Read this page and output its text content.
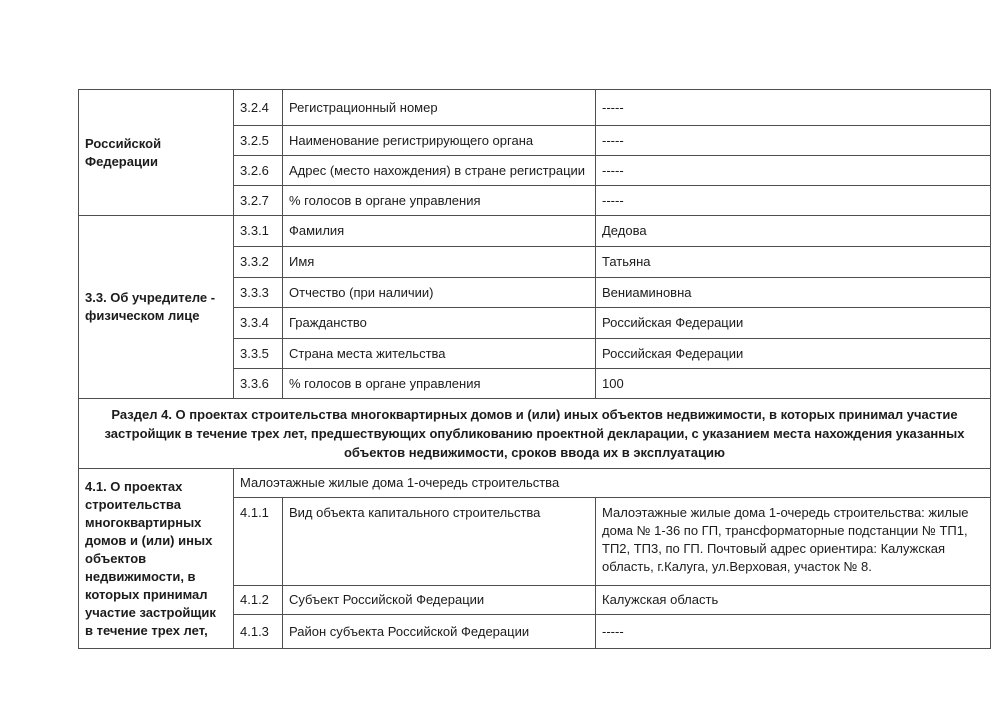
Российской Федерации	3.2.4	Регистрационный номер	-----
	3.2.5	Наименование регистрирующего органа	-----
	3.2.6	Адрес (место нахождения) в стране регистрации	-----
	3.2.7	% голосов в органе управления	-----
3.3. Об учредителе - физическом лице	3.3.1	Фамилия	Дедова
	3.3.2	Имя	Татьяна
	3.3.3	Отчество (при наличии)	Вениаминовна
	3.3.4	Гражданство	Российская Федерации
	3.3.5	Страна места жительства	Российская Федерации
	3.3.6	% голосов в органе управления	100
Раздел 4. О проектах строительства многоквартирных домов и (или) иных объектов недвижимости, в которых принимал участие застройщик в течение трех лет, предшествующих опубликованию проектной декларации, с указанием места нахождения указанных объектов недвижимости, сроков ввода их в эксплуатацию			
4.1. О проектах строительства многоквартирных домов и (или) иных объектов недвижимости, в которых принимал участие застройщик в течение трех лет,	Малоэтажные жилые дома 1-очередь строительства		
	4.1.1	Вид объекта капитального строительства	Малоэтажные жилые дома 1-очередь строительства: жилые дома № 1-36 по ГП, трансформаторные подстанции № ТП1, ТП2, ТП3, по ГП. Почтовый адрес ориентира: Калужская область, г.Калуга, ул.Верховая, участок № 8.
	4.1.2	Субъект Российской Федерации	Калужская область
	4.1.3	Район субъекта Российской Федерации	-----
